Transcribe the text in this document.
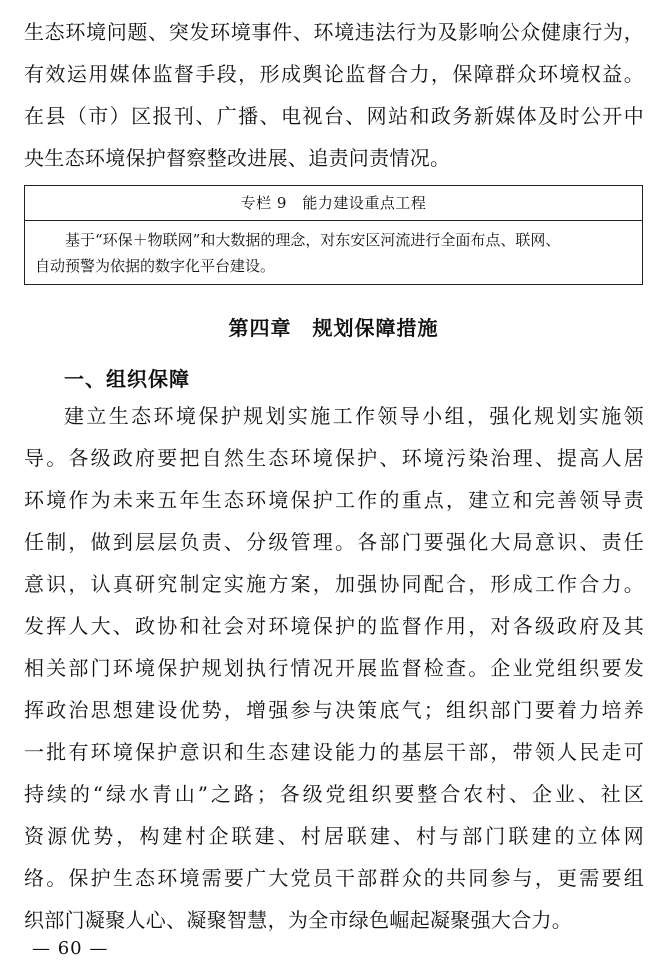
生态环境问题、突发环境事件、环境违法行为及影响公众健康行为，
有效运用媒体监督手段，形成舆论监督合力，保障群众环境权益。
在县（市）区报刊、广播、电视台、网站和政务新媒体及时公开中
央生态环境保护督察整改进展、追责问责情况。
专栏 9　能力建设重点工程
　　基于“环保＋物联网”和大数据的理念，对东安区河流进行全面布点、联网、
自动预警为依据的数字化平台建设。
第四章　规划保障措施
一、组织保障
建立生态环境保护规划实施工作领导小组，强化规划实施领
导。各级政府要把自然生态环境保护、环境污染治理、提高人居
环境作为未来五年生态环境保护工作的重点，建立和完善领导责
任制，做到层层负责、分级管理。各部门要强化大局意识、责任
意识，认真研究制定实施方案，加强协同配合，形成工作合力。
发挥人大、政协和社会对环境保护的监督作用，对各级政府及其
相关部门环境保护规划执行情况开展监督检查。企业党组织要发
挥政治思想建设优势，增强参与决策底气；组织部门要着力培养
一批有环境保护意识和生态建设能力的基层干部，带领人民走可
持续的“绿水青山”之路；各级党组织要整合农村、企业、社区
资源优势，构建村企联建、村居联建、村与部门联建的立体网
络。保护生态环境需要广大党员干部群众的共同参与，更需要组
织部门凝聚人心、凝聚智慧，为全市绿色崛起凝聚强大合力。
— 60 —
